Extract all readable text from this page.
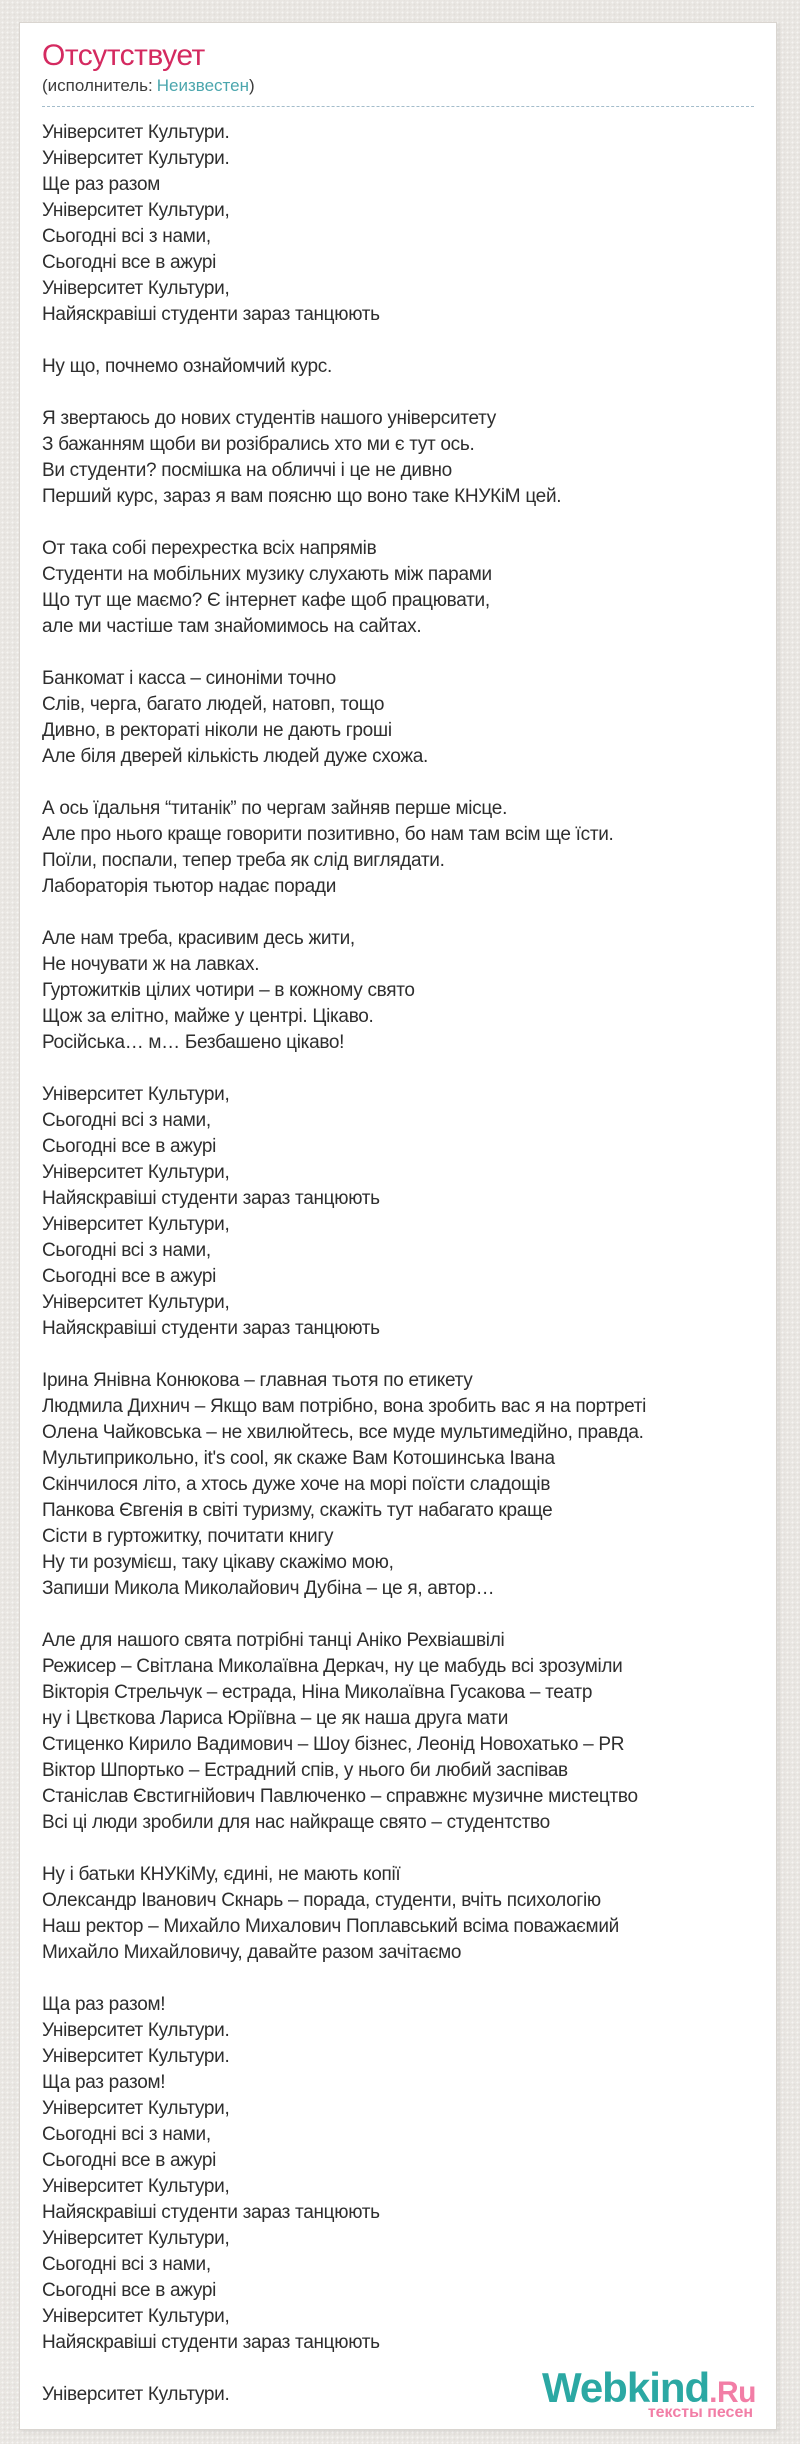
Отсутствует
(исполнитель: Неизвестен)
Університет Культури.
Університет Культури.
Ще раз разом
Університет Культури,
Сьогодні всі з нами,
Сьогодні все в ажурі
Університет Культури,
Найяскравіші студенти зараз танцюють
Ну що, почнемо ознайомчий курс.
Я звертаюсь до нових студентів нашого університету
З бажанням щоби ви розібрались хто ми є тут ось.
Ви студенти? посмішка на обличчі і це не дивно
Перший курс, зараз я вам поясню що воно таке КНУКіМ цей.
От така собі перехрестка всіх напрямів
Студенти на мобільних музику слухають між парами
Що тут ще маємо? Є інтернет кафе щоб працювати,
але ми частіше там знайомимось на сайтах.
Банкомат і касса – синоніми точно
Слів, черга, багато людей, натовп, тощо
Дивно, в ректораті ніколи не дають гроші
Але біля дверей кількість людей дуже схожа.
А ось їдальня “титанік” по чергам зайняв перше місце.
Але про нього краще говорити позитивно, бо нам там всім ще їсти.
Поїли, поспали, тепер треба як слід виглядати.
Лабораторія тьютор надає поради
Але нам треба, красивим десь жити,
Не ночувати ж на лавках.
Гуртожитків цілих чотири – в кожному свято
Щож за елітно, майже у центрі. Цікаво.
Російська… м… Безбашено цікаво!
Університет Культури,
Сьогодні всі з нами,
Сьогодні все в ажурі
Університет Культури,
Найяскравіші студенти зараз танцюють
Університет Культури,
Сьогодні всі з нами,
Сьогодні все в ажурі
Університет Культури,
Найяскравіші студенти зараз танцюють
Ірина Янівна Конюкова – главная тьотя по етикету
Людмила Дихнич – Якщо вам потрібно, вона зробить вас я на портреті
Олена Чайковська – не хвилюйтесь, все муде мультимедійно, правда.
Мультиприкольно, it's cool, як скаже Вам Котошинська Івана
Скінчилося літо, а хтось дуже хоче на морі поїсти сладощів
Панкова Євгенія в світі туризму, скажіть тут набагато краще
Сісти в гуртожитку, почитати книгу
Ну ти розумієш, таку цікаву скажімо мою,
Запиши Микола Миколайович Дубіна – це я, автор…
Але для нашого свята потрібні танці Аніко Рехвіашвілі
Режисер – Світлана Миколаївна Деркач, ну це мабудь всі зрозуміли
Вікторія Стрельчук – естрада, Ніна Миколаївна Гусакова – театр
ну і Цвєткова Лариса Юріївна – це як наша друга мати
Стиценко Кирило Вадимович – Шоу бізнес, Леонід Новохатько – PR
Віктор Шпортько – Естрадний спів, у нього би любий заспівав
Станіслав Євстигнійович Павлюченко – справжнє музичне мистецтво
Всі ці люди зробили для нас найкраще свято – студентство
Ну і батьки КНУКіМу, єдині, не мають копії
Олександр Іванович Скнарь – порада, студенти, вчіть психологію
Наш ректор – Михайло Михалович Поплавський всіма поважаємий
Михайло Михайловичу, давайте разом зачітаємо
Ща раз разом!
Університет Культури.
Університет Культури.
Ща раз разом!
Університет Культури,
Сьогодні всі з нами,
Сьогодні все в ажурі
Університет Культури,
Найяскравіші студенти зараз танцюють
Університет Культури,
Сьогодні всі з нами,
Сьогодні все в ажурі
Університет Культури,
Найяскравіші студенти зараз танцюють
Університет Культури.	Webkind.Ru
тексты песен
